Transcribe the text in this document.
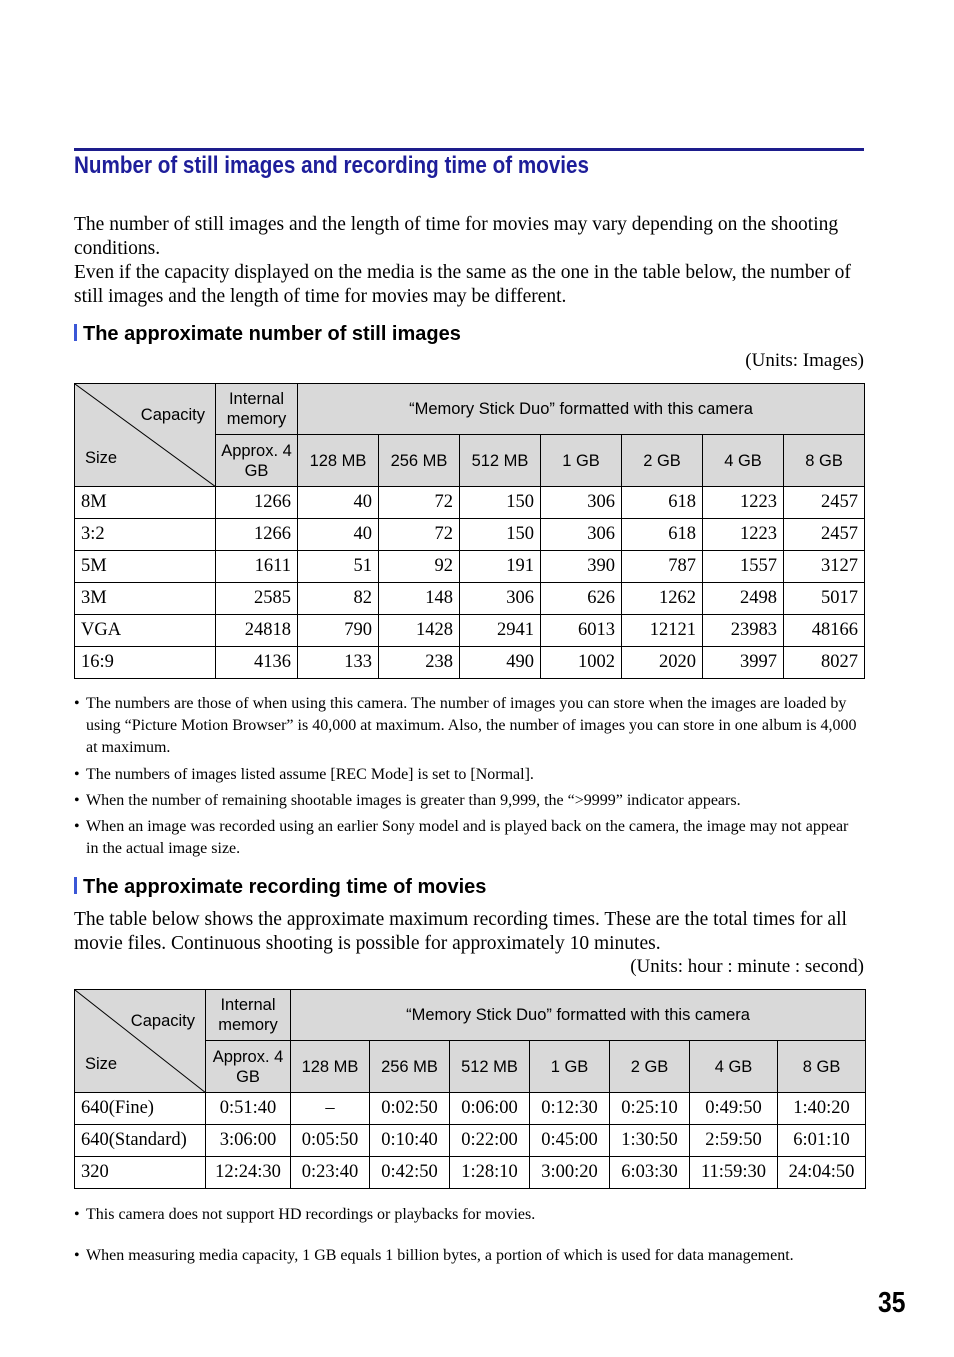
Number of still images and recording time of movies
The number of still images and the length of time for movies may vary depending on the shooting conditions.
Even if the capacity displayed on the media is the same as the one in the table below, the number of still images and the length of time for movies may be different.
The approximate number of still images
(Units: Images)
Capacity
Size	Internal memory	“Memory Stick Duo” formatted with this camera						
	Approx. 4 GB	128 MB	256 MB	512 MB	1 GB	2 GB	4 GB	8 GB
8M	1266	40	72	150	306	618	1223	2457
3:2	1266	40	72	150	306	618	1223	2457
5M	1611	51	92	191	390	787	1557	3127
3M	2585	82	148	306	626	1262	2498	5017
VGA	24818	790	1428	2941	6013	12121	23983	48166
16:9	4136	133	238	490	1002	2020	3997	8027
• The numbers are those of when using this camera. The number of images you can store when the images are loaded by using “Picture Motion Browser” is 40,000 at maximum. Also, the number of images you can store in one album is 4,000 at maximum.
• The numbers of images listed assume [REC Mode] is set to [Normal].
• When the number of remaining shootable images is greater than 9,999, the “>9999” indicator appears.
• When an image was recorded using an earlier Sony model and is played back on the camera, the image may not appear in the actual image size.
The approximate recording time of movies
The table below shows the approximate maximum recording times. These are the total times for all movie files. Continuous shooting is possible for approximately 10 minutes.
(Units: hour : minute : second)
Capacity
Size	Internal memory	“Memory Stick Duo” formatted with this camera						
	Approx. 4 GB	128 MB	256 MB	512 MB	1 GB	2 GB	4 GB	8 GB
640(Fine)	0:51:40	–	0:02:50	0:06:00	0:12:30	0:25:10	0:49:50	1:40:20
640(Standard)	3:06:00	0:05:50	0:10:40	0:22:00	0:45:00	1:30:50	2:59:50	6:01:10
320	12:24:30	0:23:40	0:42:50	1:28:10	3:00:20	6:03:30	11:59:30	24:04:50
• This camera does not support HD recordings or playbacks for movies.
• When measuring media capacity, 1 GB equals 1 billion bytes, a portion of which is used for data management.
35
